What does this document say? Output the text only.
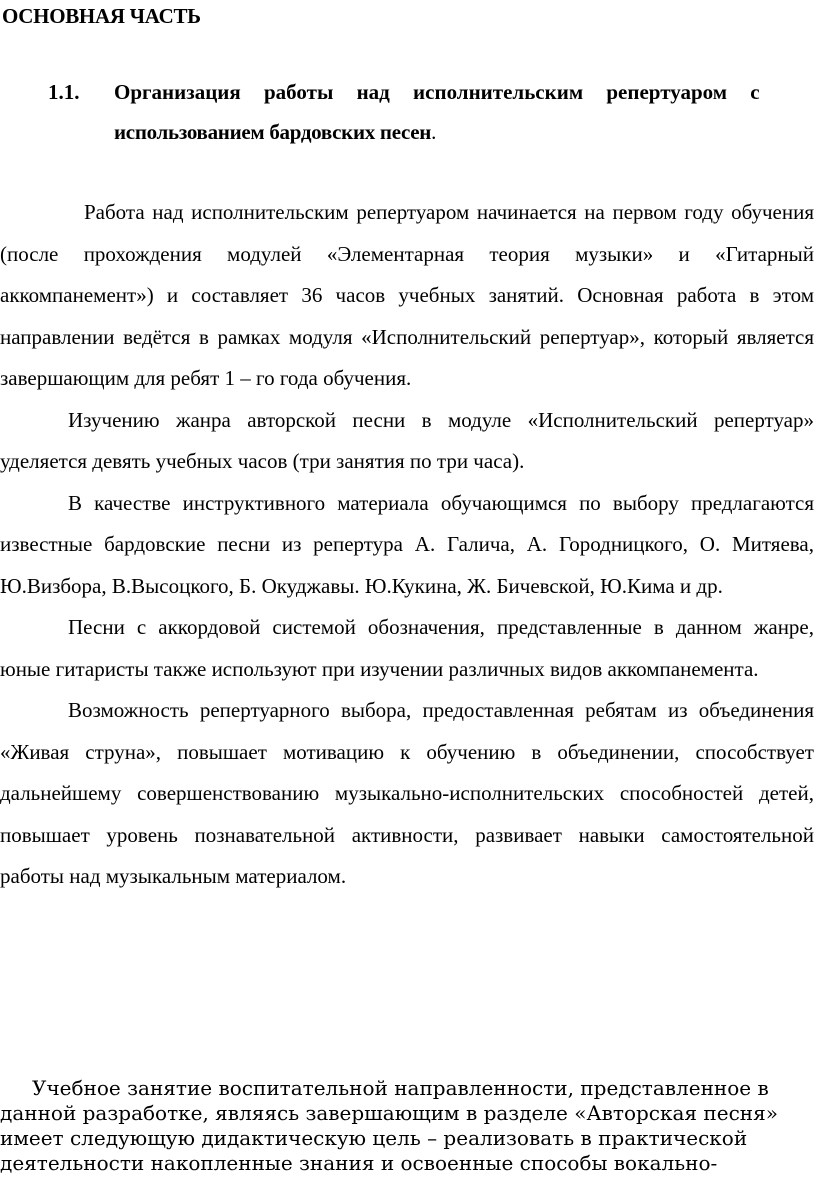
ОСНОВНАЯ ЧАСТЬ
1.1. Организация работы над исполнительским репертуаром с
использованием бардовских песен.

Работа над исполнительским репертуаром начинается на первом году обучения (после прохождения модулей «Элементарная теория музыки» и «Гитарный аккомпанемент») и составляет 36 часов учебных занятий. Основная работа в этом направлении ведётся в рамках модуля «Исполнительский репертуар», который является завершающим для ребят 1 – го года обучения.

Изучению жанра авторской песни в модуле «Исполнительский репертуар» уделяется девять учебных часов (три занятия по три часа).

В качестве инструктивного материала обучающимся по выбору предлагаются известные бардовские песни из репертура А. Галича, А. Городницкого, О. Митяева, Ю.Визбора, В.Высоцкого, Б. Окуджавы. Ю.Кукина, Ж. Бичевской, Ю.Кима и др.

Песни с аккордовой системой обозначения, представленные в данном жанре, юные гитаристы также используют при изучении различных видов аккомпанемента.

Возможность репертуарного выбора, предоставленная ребятам из объединения «Живая струна», повышает мотивацию к обучению в объединении, способствует дальнейшему совершенствованию музыкально-исполнительских способностей детей, повышает уровень познавательной активности, развивает навыки самостоятельной работы над музыкальным материалом.

Учебное занятие воспитательной направленности, представленное в данной разработке, являясь завершающим в разделе «Авторская песня» имеет следующую дидактическую цель – реализовать в практической деятельности накопленные знания и освоенные способы вокально-
